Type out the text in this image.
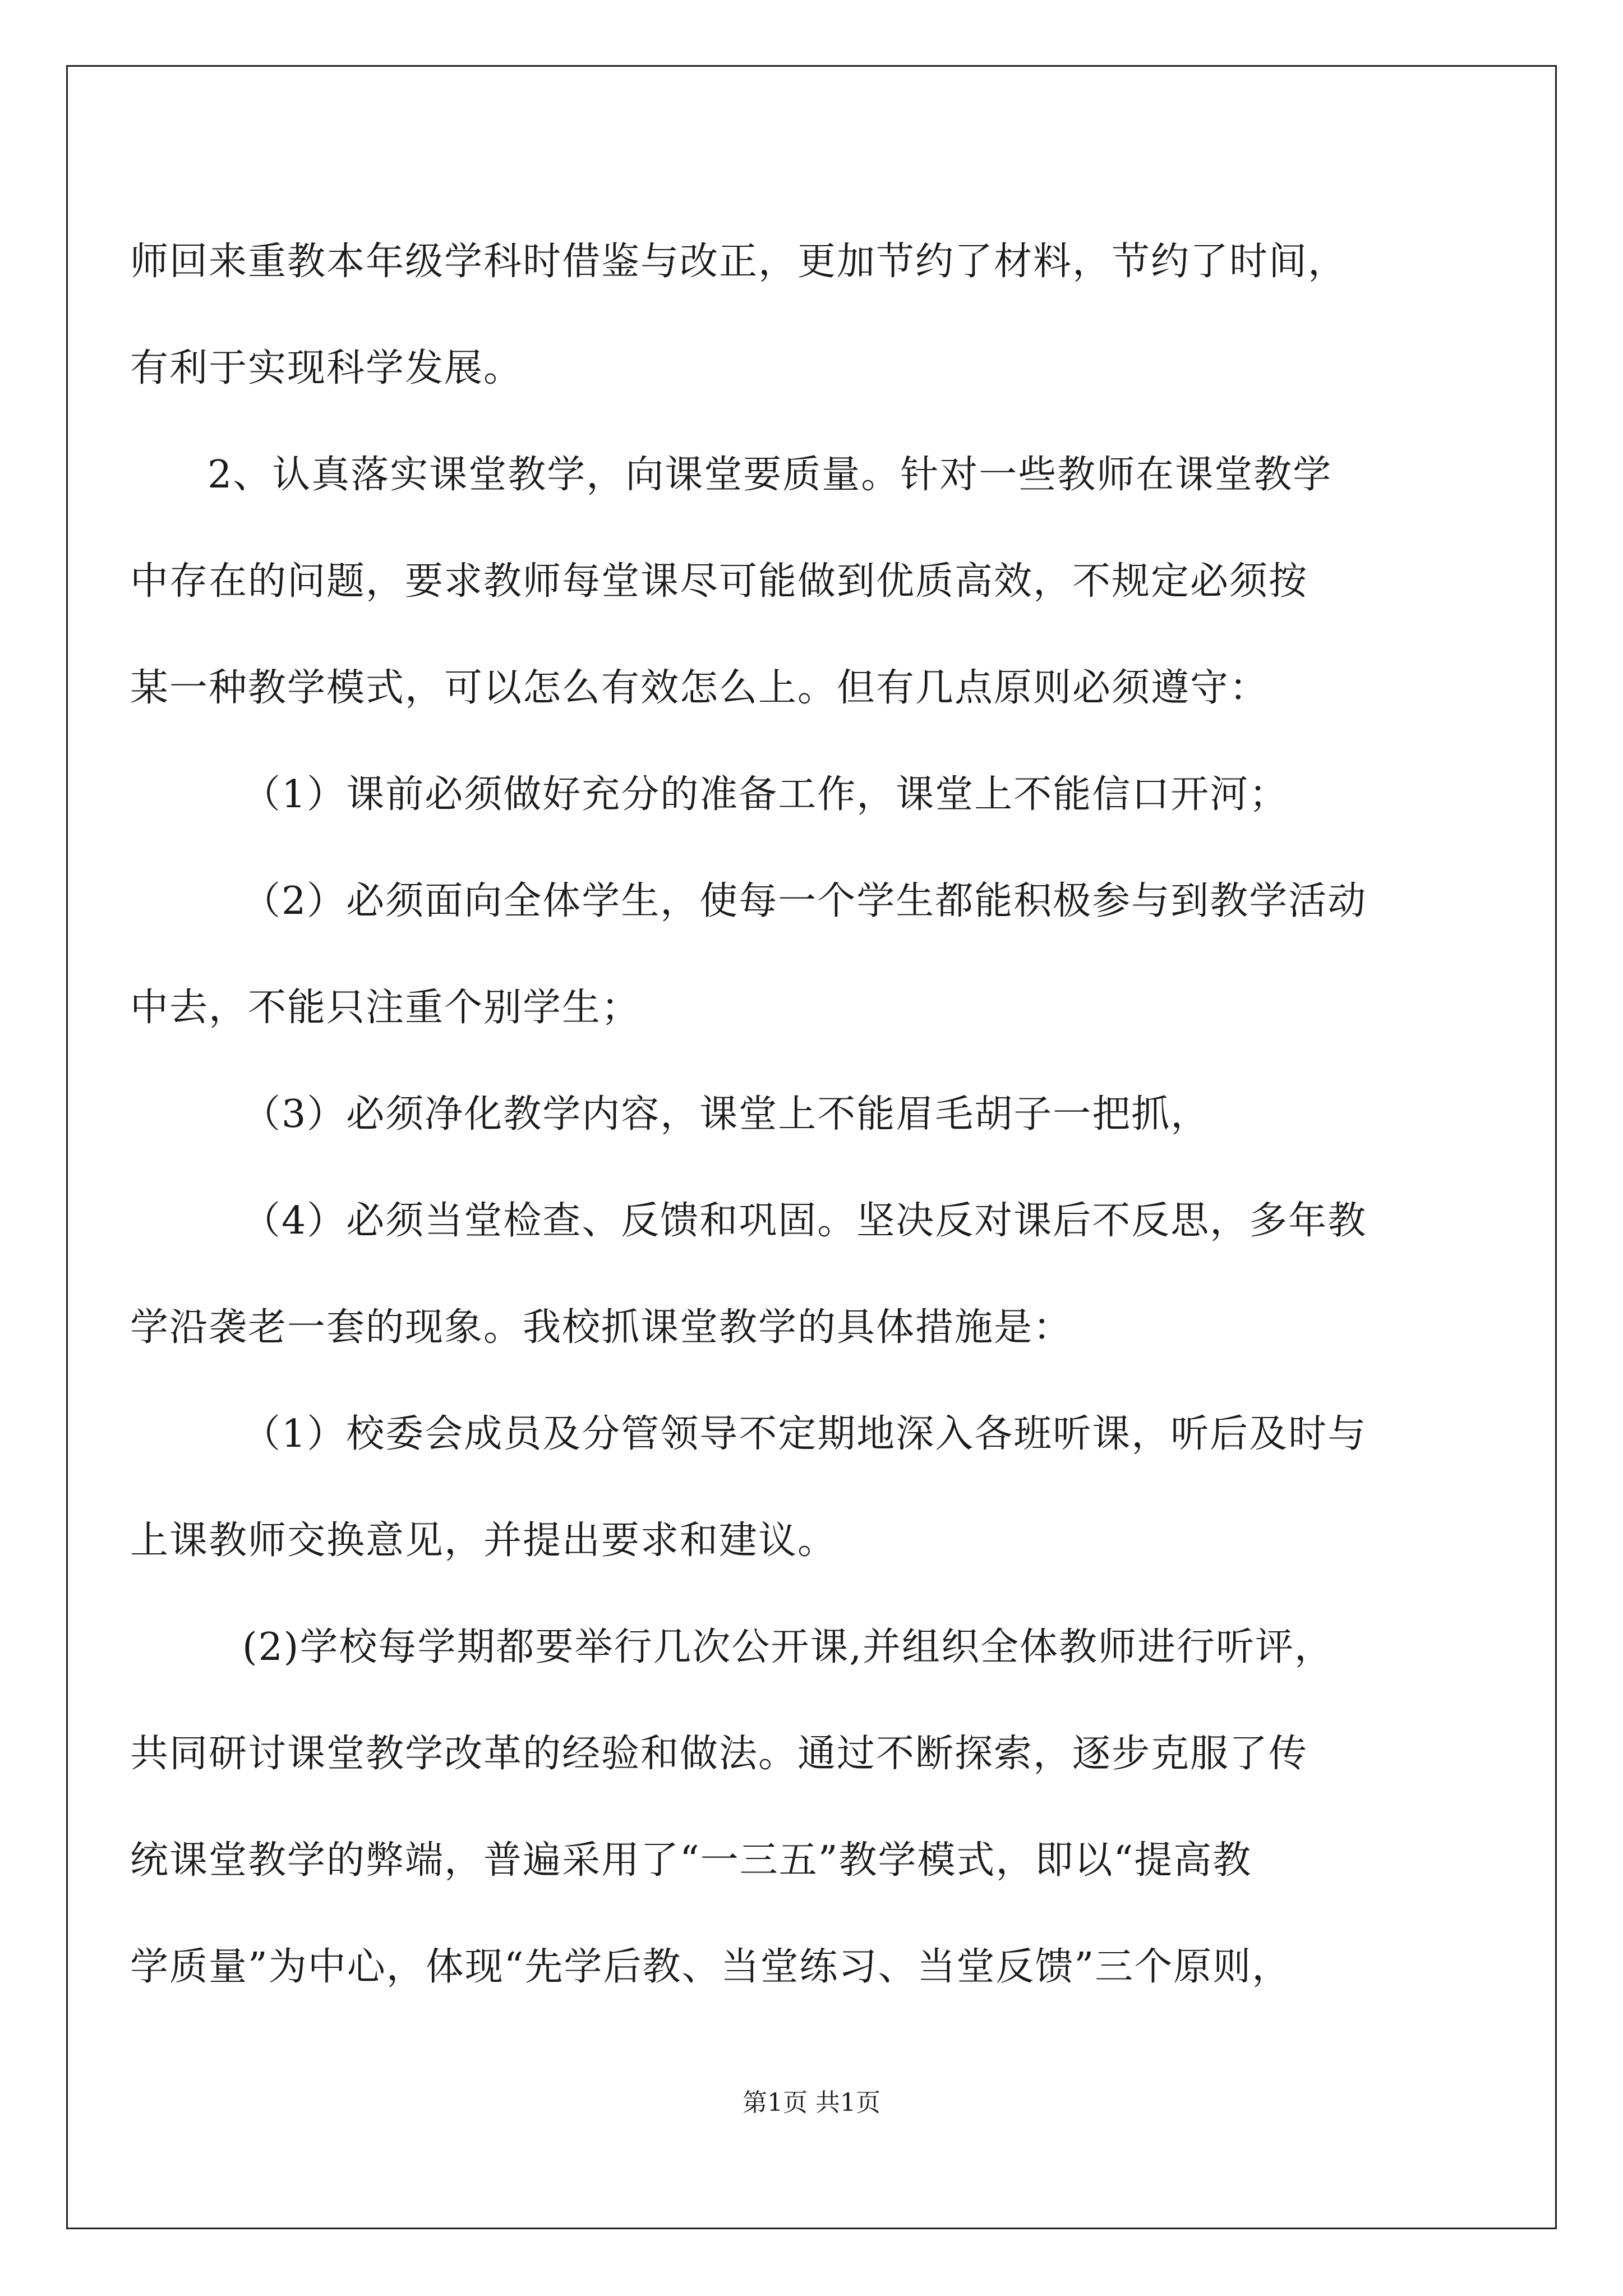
师回来重教本年级学科时借鉴与改正，更加节约了材料，节约了时间，
有利于实现科学发展。
2、认真落实课堂教学，向课堂要质量。针对一些教师在课堂教学
中存在的问题，要求教师每堂课尽可能做到优质高效，不规定必须按
某一种教学模式，可以怎么有效怎么上。但有几点原则必须遵守：
（1）课前必须做好充分的准备工作，课堂上不能信口开河；
（2）必须面向全体学生，使每一个学生都能积极参与到教学活动
中去，不能只注重个别学生；
（3）必须净化教学内容，课堂上不能眉毛胡子一把抓，
（4）必须当堂检查、反馈和巩固。坚决反对课后不反思，多年教
学沿袭老一套的现象。我校抓课堂教学的具体措施是：
（1）校委会成员及分管领导不定期地深入各班听课，听后及时与
上课教师交换意见，并提出要求和建议。
(2)学校每学期都要举行几次公开课,并组织全体教师进行听评，
共同研讨课堂教学改革的经验和做法。通过不断探索，逐步克服了传
统课堂教学的弊端，普遍采用了“一三五”教学模式，即以“提高教
学质量”为中心，体现“先学后教、当堂练习、当堂反馈”三个原则，
第1页 共1页
